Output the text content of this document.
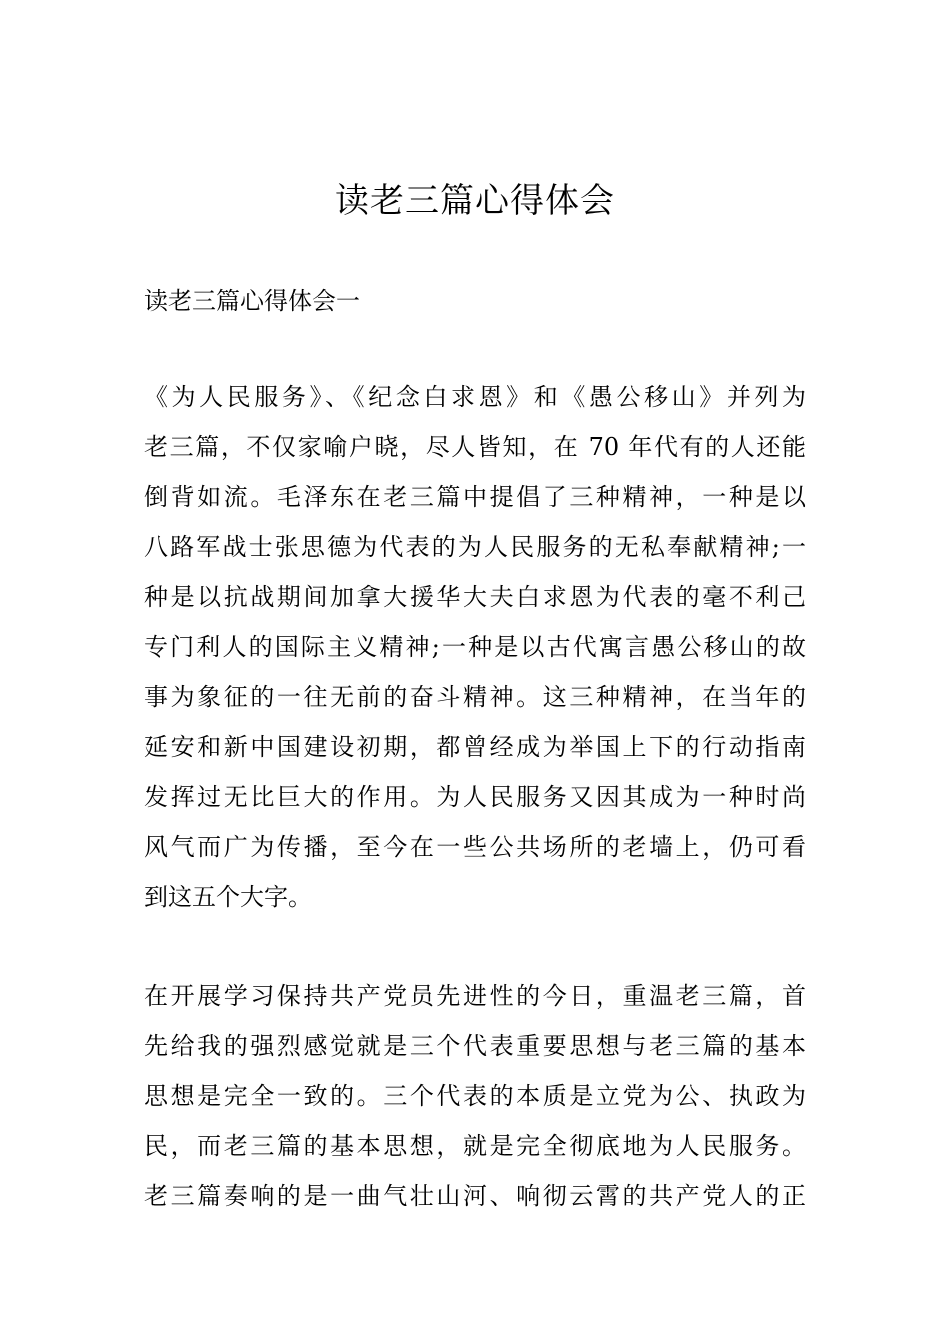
读老三篇心得体会
读老三篇心得体会一
《为人民服务》、《纪念白求恩》和《愚公移山》并列为
老三篇，不仅家喻户晓，尽人皆知，在 70 年代有的人还能
倒背如流。毛泽东在老三篇中提倡了三种精神，一种是以
八路军战士张思德为代表的为人民服务的无私奉献精神;一
种是以抗战期间加拿大援华大夫白求恩为代表的毫不利己
专门利人的国际主义精神;一种是以古代寓言愚公移山的故
事为象征的一往无前的奋斗精神。这三种精神，在当年的
延安和新中国建设初期，都曾经成为举国上下的行动指南
发挥过无比巨大的作用。为人民服务又因其成为一种时尚
风气而广为传播，至今在一些公共场所的老墙上，仍可看
到这五个大字。
在开展学习保持共产党员先进性的今日，重温老三篇，首
先给我的强烈感觉就是三个代表重要思想与老三篇的基本
思想是完全一致的。三个代表的本质是立党为公、执政为
民，而老三篇的基本思想，就是完全彻底地为人民服务。
老三篇奏响的是一曲气壮山河、响彻云霄的共产党人的正
